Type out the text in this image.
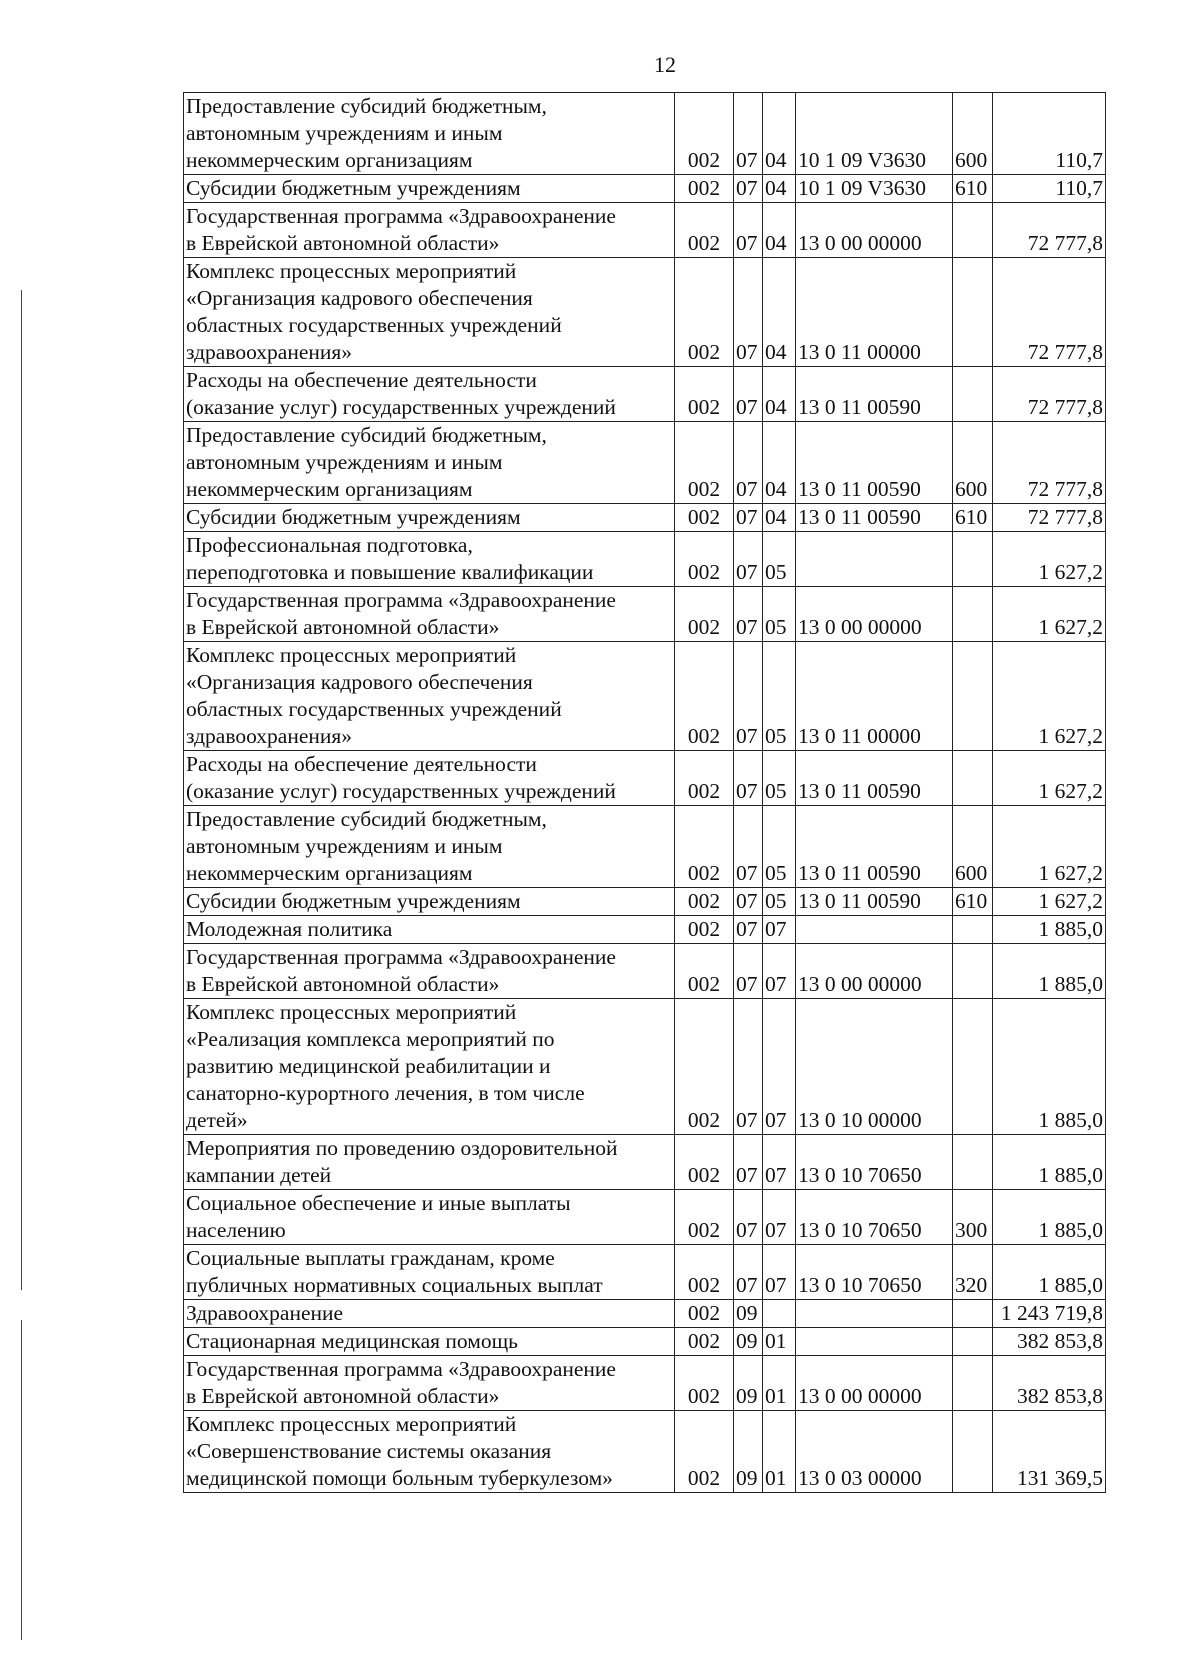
12
Предоставление субсидий бюджетным,
автономным учреждениям и иным
некоммерческим организациям	002	07	04	10 1 09 V3630	600	110,7
Субсидии бюджетным учреждениям	002	07	04	10 1 09 V3630	610	110,7
Государственная программа «Здравоохранение
в Еврейской автономной области»	002	07	04	13 0 00 00000		72 777,8
Комплекс процессных мероприятий
«Организация кадрового обеспечения
областных государственных учреждений
здравоохранения»	002	07	04	13 0 11 00000		72 777,8
Расходы на обеспечение деятельности
(оказание услуг) государственных учреждений	002	07	04	13 0 11 00590		72 777,8
Предоставление субсидий бюджетным,
автономным учреждениям и иным
некоммерческим организациям	002	07	04	13 0 11 00590	600	72 777,8
Субсидии бюджетным учреждениям	002	07	04	13 0 11 00590	610	72 777,8
Профессиональная подготовка,
переподготовка и повышение квалификации	002	07	05			1 627,2
Государственная программа «Здравоохранение
в Еврейской автономной области»	002	07	05	13 0 00 00000		1 627,2
Комплекс процессных мероприятий
«Организация кадрового обеспечения
областных государственных учреждений
здравоохранения»	002	07	05	13 0 11 00000		1 627,2
Расходы на обеспечение деятельности
(оказание услуг) государственных учреждений	002	07	05	13 0 11 00590		1 627,2
Предоставление субсидий бюджетным,
автономным учреждениям и иным
некоммерческим организациям	002	07	05	13 0 11 00590	600	1 627,2
Субсидии бюджетным учреждениям	002	07	05	13 0 11 00590	610	1 627,2
Молодежная политика	002	07	07			1 885,0
Государственная программа «Здравоохранение
в Еврейской автономной области»	002	07	07	13 0 00 00000		1 885,0
Комплекс процессных мероприятий
«Реализация комплекса мероприятий по
развитию медицинской реабилитации и
санаторно-курортного лечения, в том числе
детей»	002	07	07	13 0 10 00000		1 885,0
Мероприятия по проведению оздоровительной
кампании детей	002	07	07	13 0 10 70650		1 885,0
Социальное обеспечение и иные выплаты
населению	002	07	07	13 0 10 70650	300	1 885,0
Социальные выплаты гражданам, кроме
публичных нормативных социальных выплат	002	07	07	13 0 10 70650	320	1 885,0
Здравоохранение	002	09				1 243 719,8
Стационарная медицинская помощь	002	09	01			382 853,8
Государственная программа «Здравоохранение
в Еврейской автономной области»	002	09	01	13 0 00 00000		382 853,8
Комплекс процессных мероприятий
«Совершенствование системы оказания
медицинской помощи больным туберкулезом»	002	09	01	13 0 03 00000		131 369,5
